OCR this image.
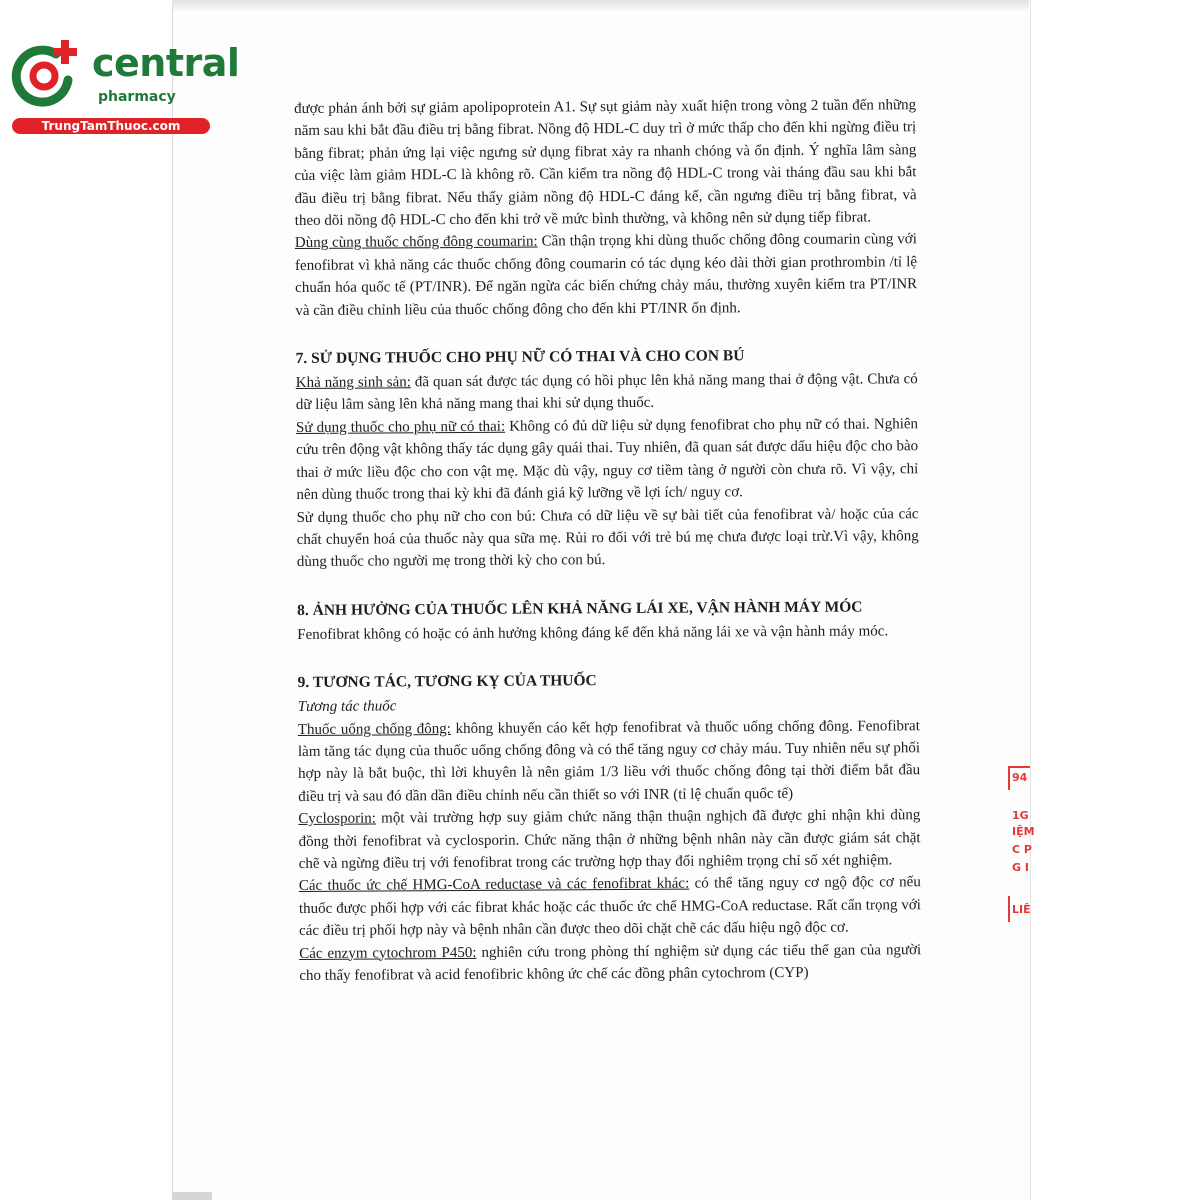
central
pharmacy
TrungTamThuoc.com

được phản ánh bởi sự giảm apolipoprotein A1. Sự sụt giảm này xuất hiện trong vòng 2 tuần đến những năm sau khi bắt đầu điều trị bằng fibrat. Nồng độ HDL-C duy trì ở mức thấp cho đến khi ngừng điều trị bằng fibrat; phản ứng lại việc ngưng sử dụng fibrat xảy ra nhanh chóng và ổn định. Ý nghĩa lâm sàng của việc làm giảm HDL-C là không rõ. Cần kiểm tra nồng độ HDL-C trong vài tháng đầu sau khi bắt đầu điều trị bằng fibrat. Nếu thấy giảm nồng độ HDL-C đáng kể, cần ngưng điều trị bằng fibrat, và theo dõi nồng độ HDL-C cho đến khi trở về mức bình thường, và không nên sử dụng tiếp fibrat.

Dùng cùng thuốc chống đông coumarin: Cần thận trọng khi dùng thuốc chống đông coumarin cùng với fenofibrat vì khả năng các thuốc chống đông coumarin có tác dụng kéo dài thời gian prothrombin /tỉ lệ chuẩn hóa quốc tế (PT/INR). Để ngăn ngừa các biến chứng chảy máu, thường xuyên kiểm tra PT/INR và cần điều chỉnh liều của thuốc chống đông cho đến khi PT/INR ổn định.

7. SỬ DỤNG THUỐC CHO PHỤ NỮ CÓ THAI VÀ CHO CON BÚ

Khả năng sinh sản: đã quan sát được tác dụng có hồi phục lên khả năng mang thai ở động vật. Chưa có dữ liệu lâm sàng lên khả năng mang thai khi sử dụng thuốc.

Sử dụng thuốc cho phụ nữ có thai: Không có đủ dữ liệu sử dụng fenofibrat cho phụ nữ có thai. Nghiên cứu trên động vật không thấy tác dụng gây quái thai. Tuy nhiên, đã quan sát được dấu hiệu độc cho bào thai ở mức liều độc cho con vật mẹ. Mặc dù vậy, nguy cơ tiềm tàng ở người còn chưa rõ. Vì vậy, chỉ nên dùng thuốc trong thai kỳ khi đã đánh giá kỹ lưỡng về lợi ích/ nguy cơ.

Sử dụng thuốc cho phụ nữ cho con bú: Chưa có dữ liệu về sự bài tiết của fenofibrat và/ hoặc của các chất chuyển hoá của thuốc này qua sữa mẹ. Rủi ro đối với trẻ bú mẹ chưa được loại trừ.Vì vậy, không dùng thuốc cho người mẹ trong thời kỳ cho con bú.

8. ẢNH HƯỞNG CỦA THUỐC LÊN KHẢ NĂNG LÁI XE, VẬN HÀNH MÁY MÓC

Fenofibrat không có hoặc có ảnh hưởng không đáng kể đến khả năng lái xe và vận hành máy móc.

9. TƯƠNG TÁC, TƯƠNG KỴ CỦA THUỐC

Tương tác thuốc

Thuốc uống chống đông: không khuyến cáo kết hợp fenofibrat và thuốc uống chống đông. Fenofibrat làm tăng tác dụng của thuốc uống chống đông và có thể tăng nguy cơ chảy máu. Tuy nhiên nếu sự phối hợp này là bắt buộc, thì lời khuyên là nên giảm 1/3 liều với thuốc chống đông tại thời điểm bắt đầu điều trị và sau đó dần dần điều chỉnh nếu cần thiết so với INR (tỉ lệ chuẩn quốc tế)

Cyclosporin: một vài trường hợp suy giảm chức năng thận thuận nghịch đã được ghi nhận khi dùng đồng thời fenofibrat và cyclosporin. Chức năng thận ở những bệnh nhân này cần được giám sát chặt chẽ và ngừng điều trị với fenofibrat trong các trường hợp thay đổi nghiêm trọng chỉ số xét nghiệm.

Các thuốc ức chế HMG-CoA reductase và các fenofibrat khác: có thể tăng nguy cơ ngộ độc cơ nếu thuốc được phối hợp với các fibrat khác hoặc các thuốc ức chế HMG-CoA reductase. Rất cẩn trọng với các điều trị phối hợp này và bệnh nhân cần được theo dõi chặt chẽ các dấu hiệu ngộ độc cơ.

Các enzym cytochrom P450: nghiên cứu trong phòng thí nghiệm sử dụng các tiểu thể gan của người cho thấy fenofibrat và acid fenofibric không ức chế các đồng phân cytochrom (CYP)

94
1G
IỆM
C P
G I
LIÊ
